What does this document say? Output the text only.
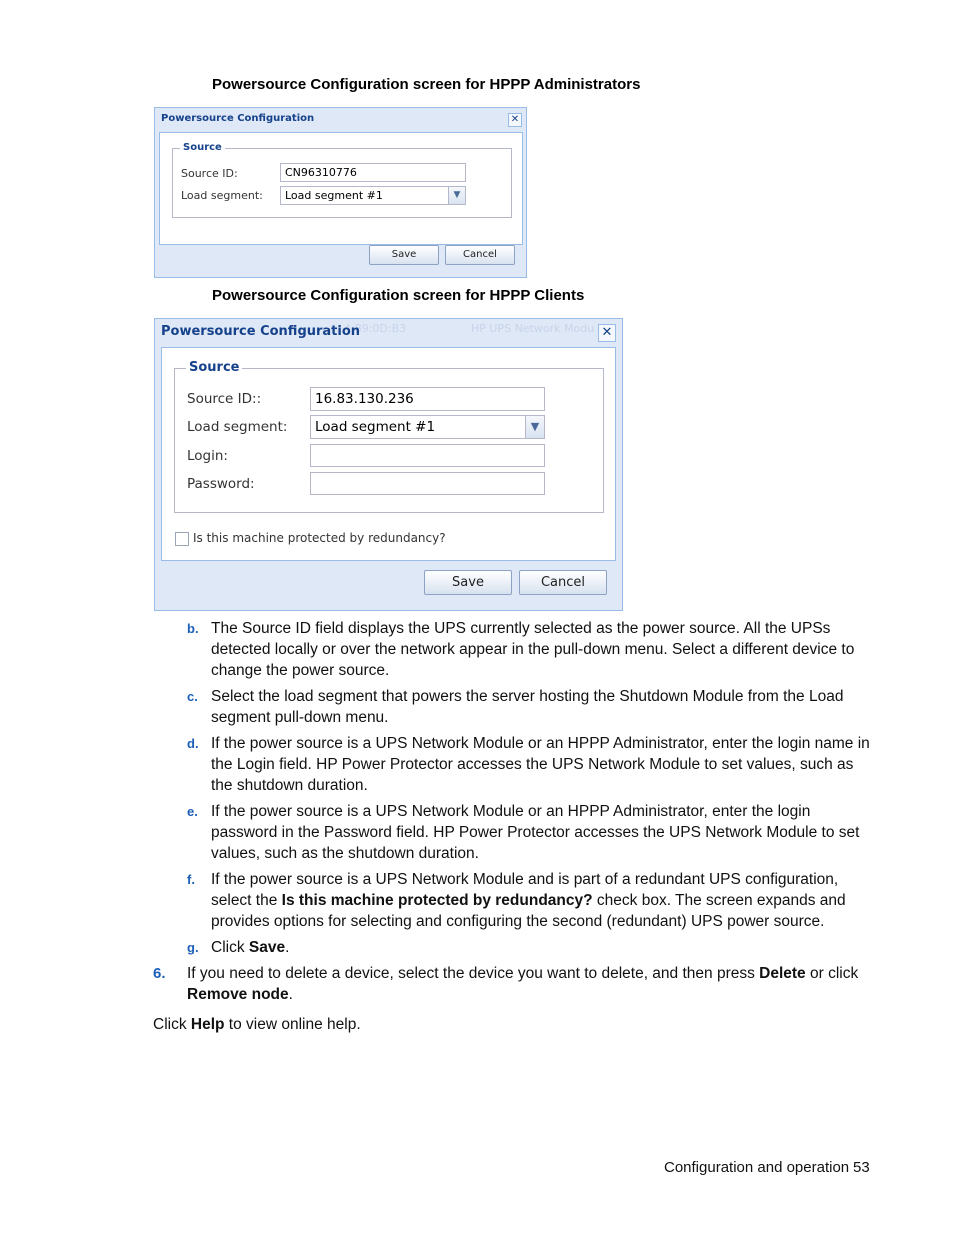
Powersource Configuration screen for HPPP Administrators
Powersource Configuration	✕
Source
Source ID:	CN96310776
Load segment:	Load segment #1	▼
Save	Cancel
Powersource Configuration screen for HPPP Clients
4:89:0D:B3	HP UPS Network Modu
Powersource Configuration	✕
Source
Source ID::	16.83.130.236
Load segment:	Load segment #1	▼
Login:
Password:
Is this machine protected by redundancy?
Save	Cancel
b. The Source ID field displays the UPS currently selected as the power source. All the UPSs detected locally or over the network appear in the pull-down menu. Select a different device to change the power source.
c. Select the load segment that powers the server hosting the Shutdown Module from the Load segment pull-down menu.
d. If the power source is a UPS Network Module or an HPPP Administrator, enter the login name in the Login field. HP Power Protector accesses the UPS Network Module to set values, such as the shutdown duration.
e. If the power source is a UPS Network Module or an HPPP Administrator, enter the login password in the Password field. HP Power Protector accesses the UPS Network Module to set values, such as the shutdown duration.
f. If the power source is a UPS Network Module and is part of a redundant UPS configuration, select the Is this machine protected by redundancy? check box. The screen expands and provides options for selecting and configuring the second (redundant) UPS power source.
g. Click Save.
6. If you need to delete a device, select the device you want to delete, and then press Delete or click
Remove node.
Click Help to view online help.
Configuration and operation 53
